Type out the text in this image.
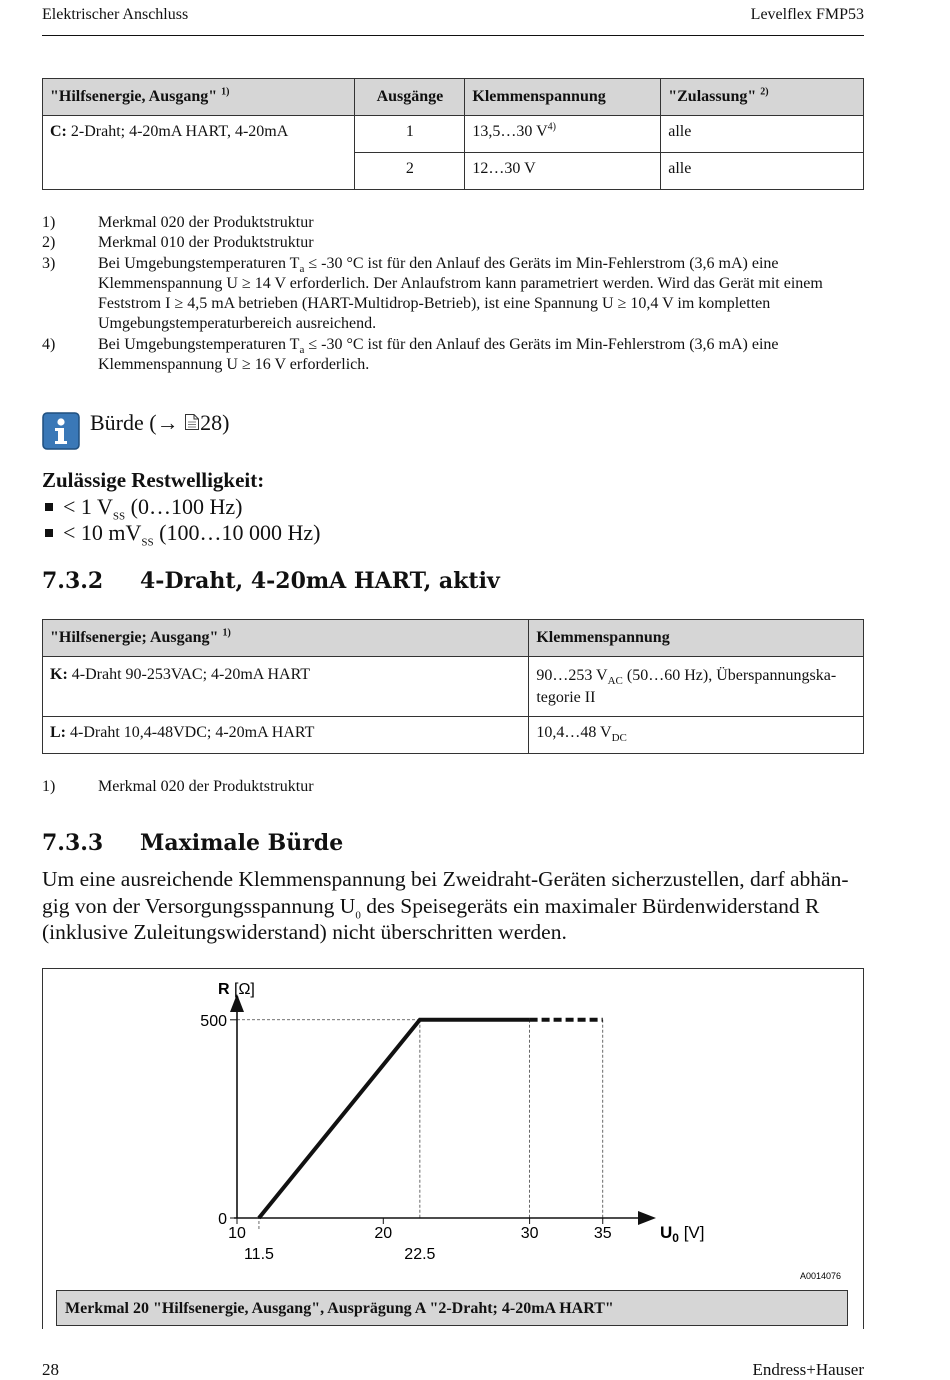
Elektrischer Anschluss	Levelflex FMP53
"Hilfsenergie, Ausgang" $^{1)}$	Ausgänge	Klemmenspannung	"Zulassung" $^{2)}$
C: 2-Draht; 4-20mA HART, 4-20mA	1	13,5…30 $V^{4)}$	alle
	2	12…30 V	alle
1)	Merkmal 020 der Produktstruktur
2)	Merkmal 010 der Produktstruktur
3)	Bei Umgebungstemperaturen $T_a \le -30$ °C ist für den Anlauf des Geräts im Min-Fehlerstrom (3,6 mA) eine Klemmenspannung U ≥ 14 V erforderlich. Der Anlaufstrom kann parametriert werden. Wird das Gerät mit einem Feststrom I ≥ 4,5 mA betrieben (HART-Multidrop-Betrieb), ist eine Spannung U ≥ 10,4 V im kompletten Umgebungstemperaturbereich ausreichend.
4)	Bei Umgebungstemperaturen $T_a \le -30$ °C ist für den Anlauf des Geräts im Min-Fehlerstrom (3,6 mA) eine Klemmenspannung U ≥ 16 V erforderlich.
Bürde (→ 28)
Zulässige Restwelligkeit:
< 1 $V_{SS}$ (0…100 Hz)
< 10 $mV_{SS}$ (100…10 000 Hz)
7.3.2 4-Draht, 4-20mA HART, aktiv
"Hilfsenergie; Ausgang" $^{1)}$	Klemmenspannung
K: 4-Draht 90-253VAC; 4-20mA HART	90…253 $V_{AC}$ (50…60 Hz), Überspannungska-
tegorie II
L: 4-Draht 10,4-48VDC; 4-20mA HART	10,4…48 $V_{DC}$
1)	Merkmal 020 der Produktstruktur
7.3.3 Maximale Bürde
Um eine ausreichende Klemmenspannung bei Zweidraht-Geräten sicherzustellen, darf abhän-
gig von der Versorgungsspannung $U_0$ des Speisegeräts ein maximaler Bürdenwiderstand R
(inklusive Zuleitungswiderstand) nicht überschritten werden.
10	20	30	35
11.5	22.5
0
500
R [Ω]
$U_0$ [V]
A0014076
Merkmal 20 "Hilfsenergie, Ausgang", Ausprägung A "2-Draht; 4-20mA HART"
28	Endress+Hauser
